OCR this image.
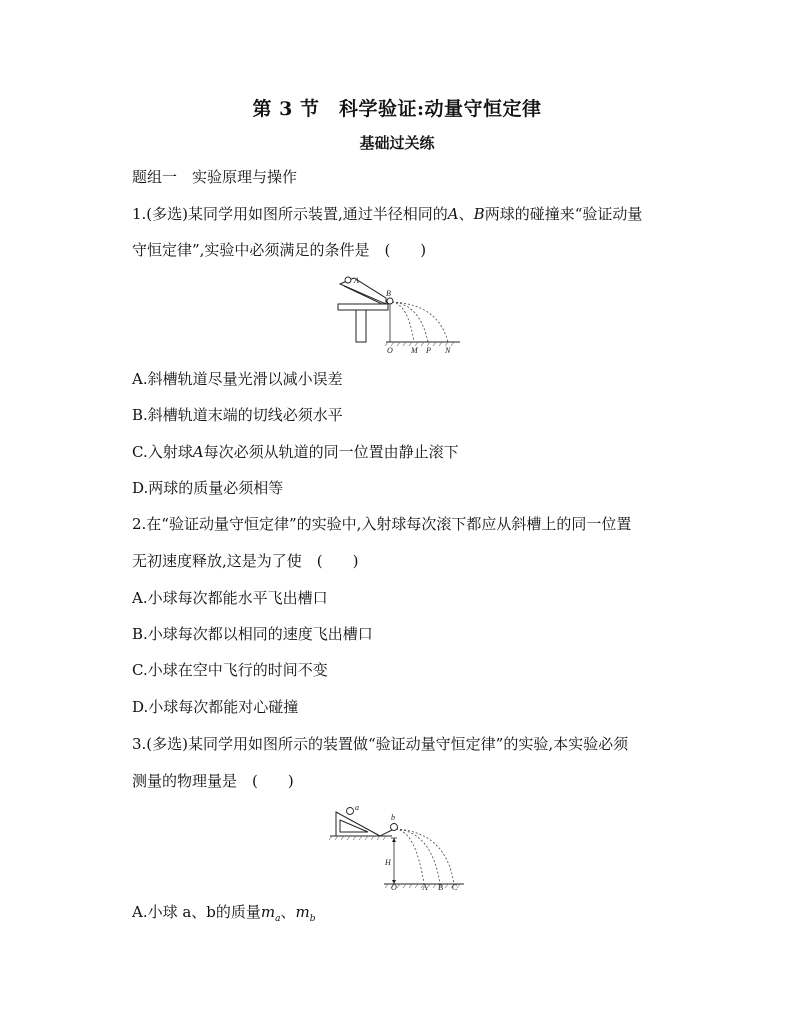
第 3 节　科学验证:动量守恒定律
基础过关练
题组一　实验原理与操作
1.(多选)某同学用如图所示装置,通过半径相同的A、B两球的碰撞来“验证动量
守恒定律”,实验中必须满足的条件是　(　　)
A
B
O M P N
A.斜槽轨道尽量光滑以减小误差
B.斜槽轨道末端的切线必须水平
C.入射球A每次必须从轨道的同一位置由静止滚下
D.两球的质量必须相等
2.在“验证动量守恒定律”的实验中,入射球每次滚下都应从斜槽上的同一位置
无初速度释放,这是为了使　(　　)
A.小球每次都能水平飞出槽口
B.小球每次都以相同的速度飞出槽口
C.小球在空中飞行的时间不变
D.小球每次都能对心碰撞
3.(多选)某同学用如图所示的装置做“验证动量守恒定律”的实验,本实验必须
测量的物理量是　(　　)
a
b
H
O	A B C
A.小球 a、b的质量$m_a$、$m_b$
